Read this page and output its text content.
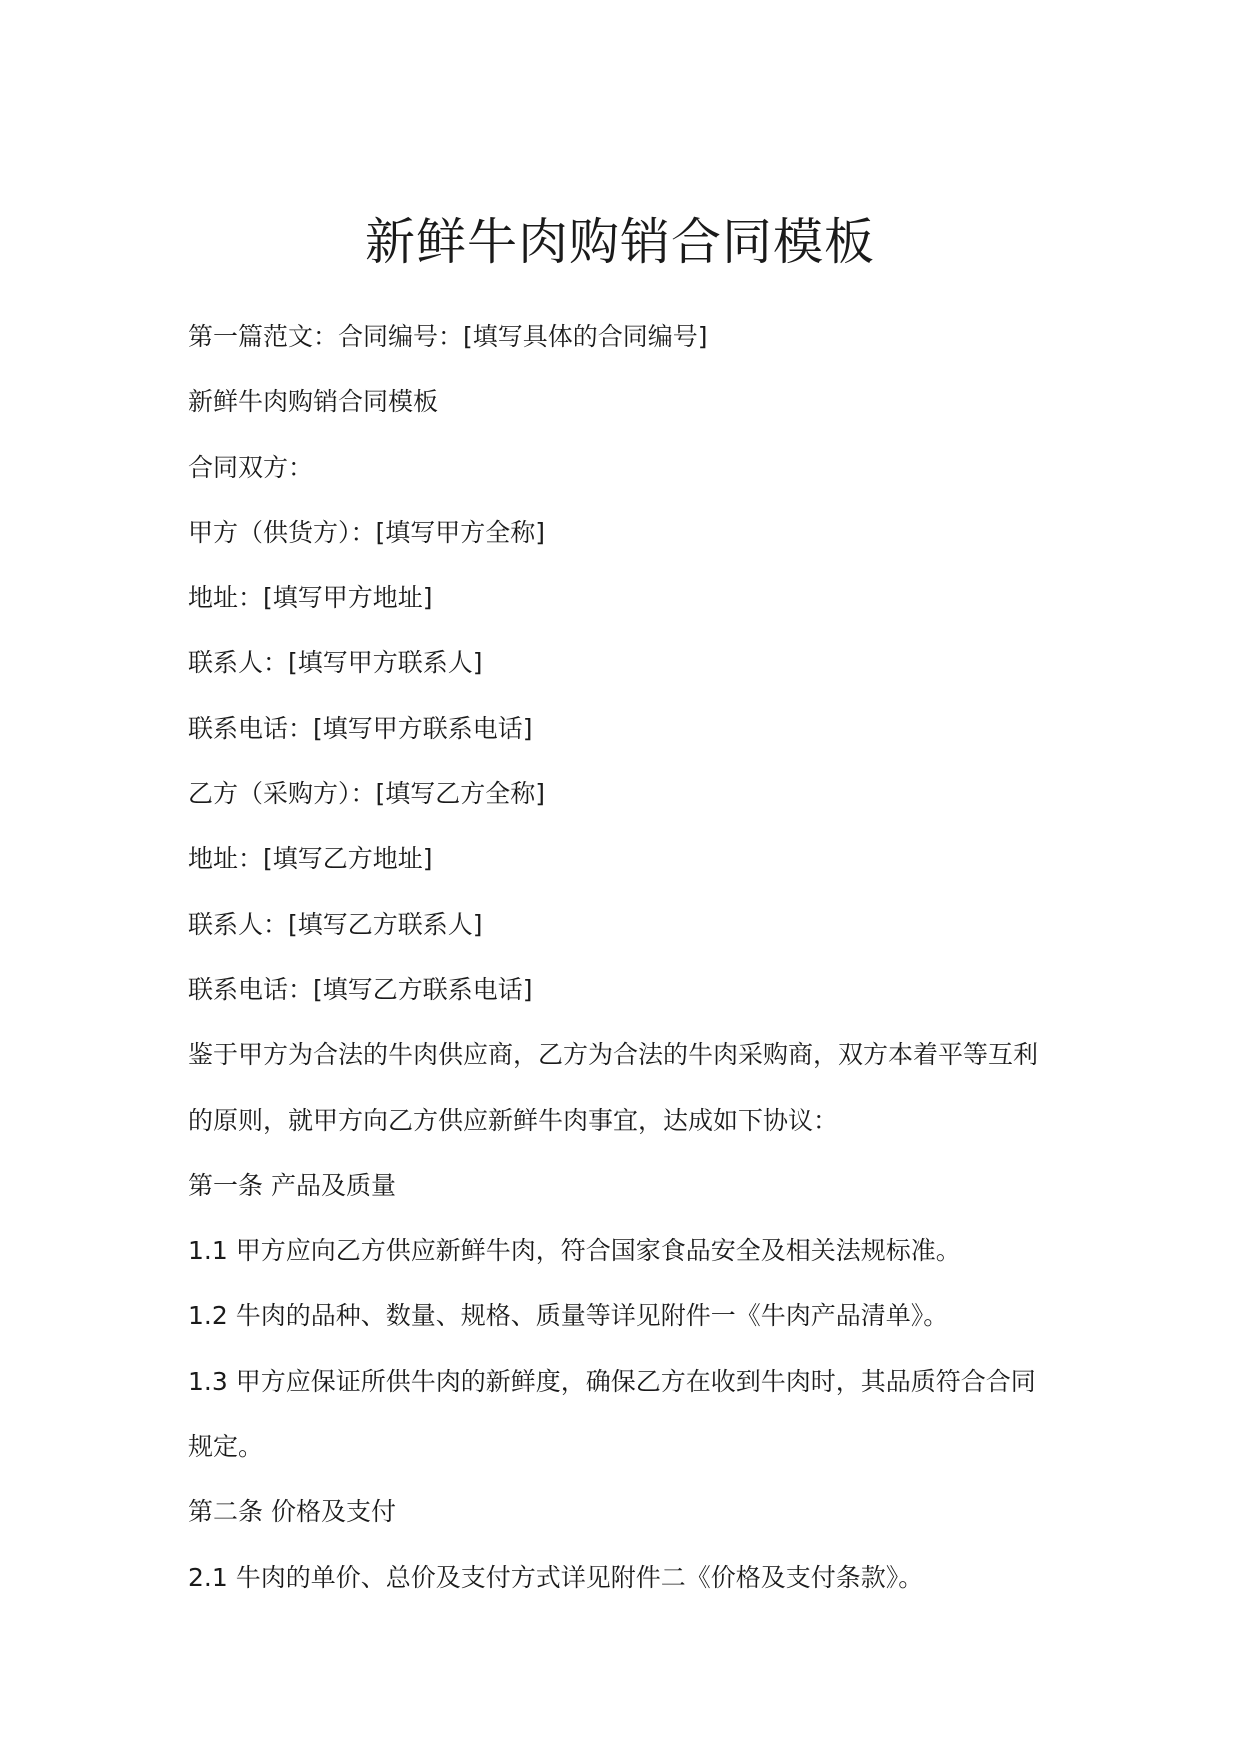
新鲜牛肉购销合同模板

第一篇范文：合同编号：[填写具体的合同编号]

新鲜牛肉购销合同模板

合同双方：

甲方（供货方）：[填写甲方全称]

地址：[填写甲方地址]

联系人：[填写甲方联系人]

联系电话：[填写甲方联系电话]

乙方（采购方）：[填写乙方全称]

地址：[填写乙方地址]

联系人：[填写乙方联系人]

联系电话：[填写乙方联系电话]

鉴于甲方为合法的牛肉供应商，乙方为合法的牛肉采购商，双方本着平等互利

的原则，就甲方向乙方供应新鲜牛肉事宜，达成如下协议：

第一条 产品及质量

1.1 甲方应向乙方供应新鲜牛肉，符合国家食品安全及相关法规标准。

1.2 牛肉的品种、数量、规格、质量等详见附件一《牛肉产品清单》。

1.3 甲方应保证所供牛肉的新鲜度，确保乙方在收到牛肉时，其品质符合合同

规定。

第二条 价格及支付

2.1 牛肉的单价、总价及支付方式详见附件二《价格及支付条款》。
